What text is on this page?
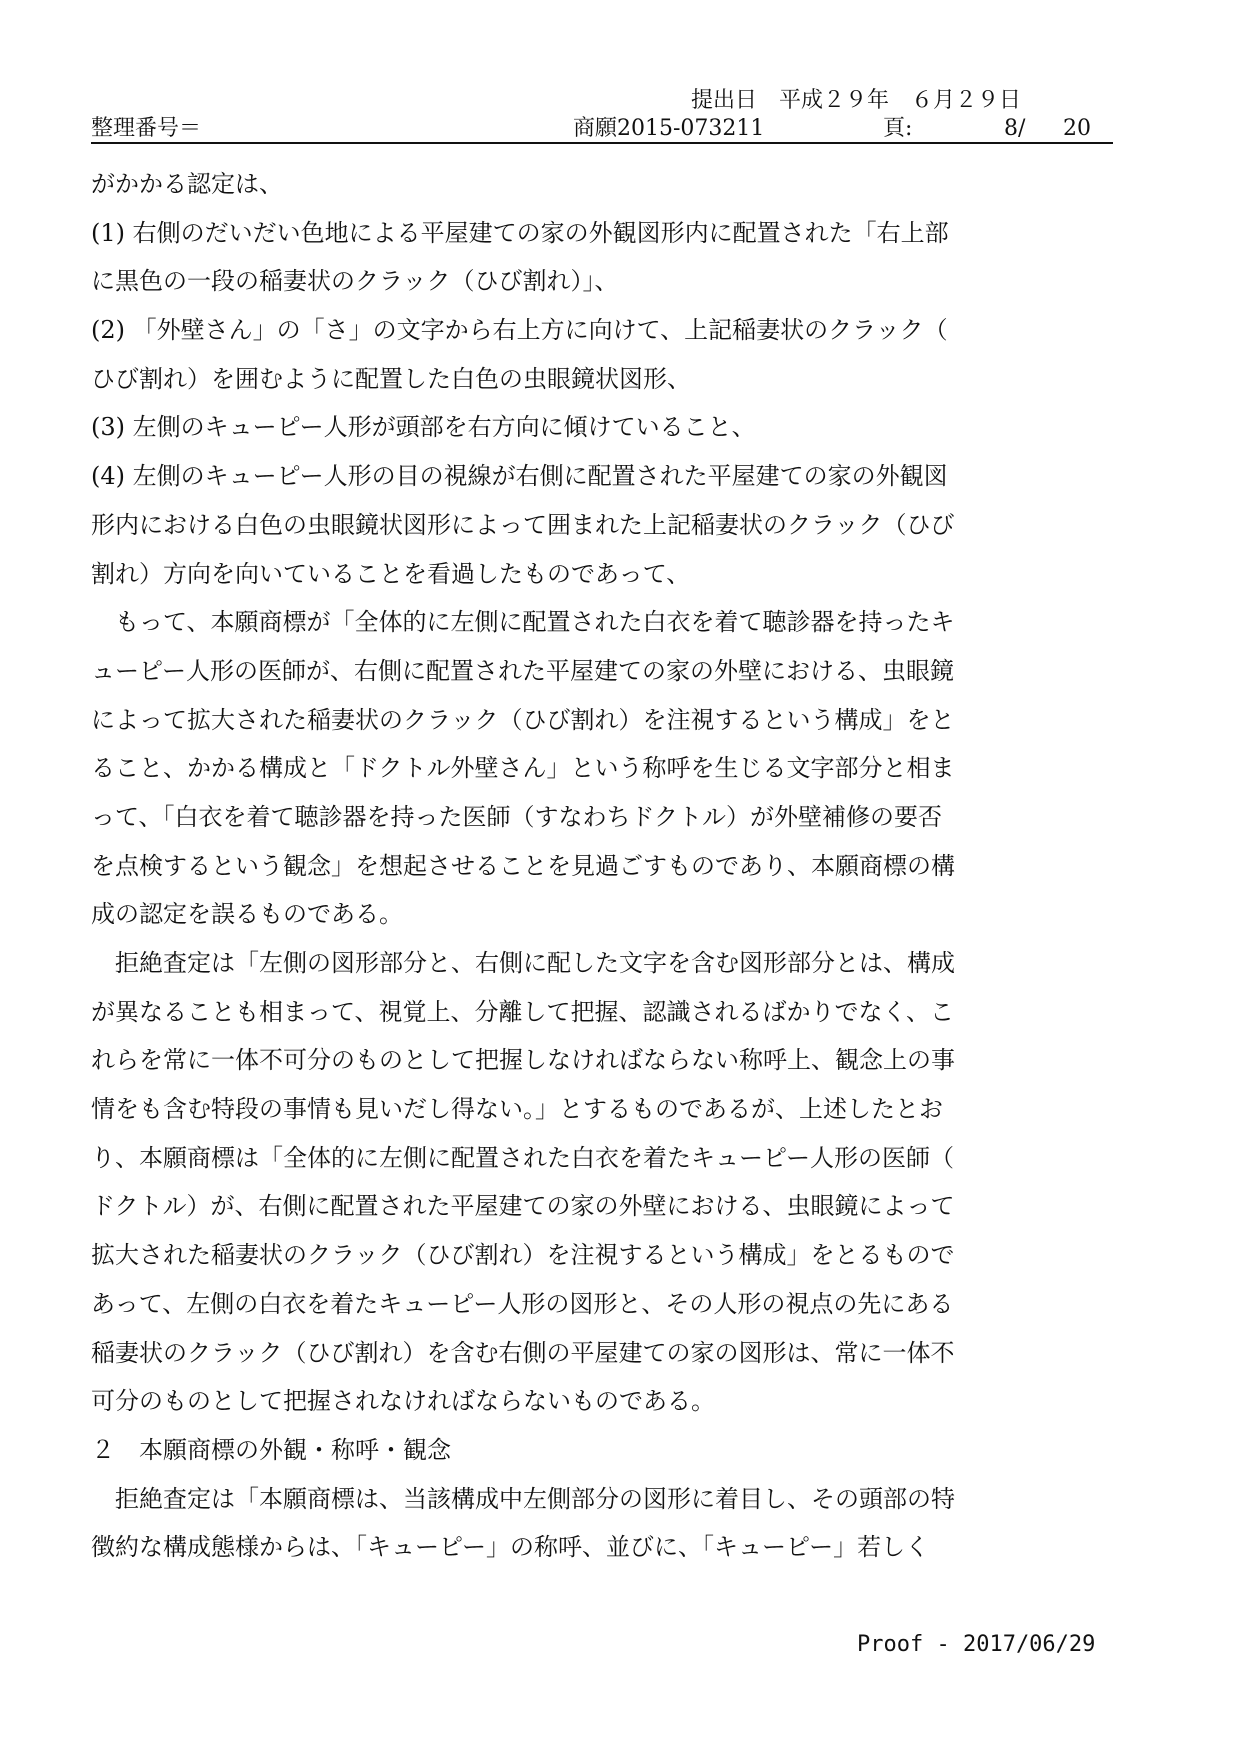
提出日　平成２９年　６月２９日
整理番号＝	商願2015-073211	頁:	8/ 20
がかかる認定は、
(1) 右側のだいだい色地による平屋建ての家の外観図形内に配置された「右上部
に黒色の一段の稲妻状のクラック（ひび割れ）」、
(2) 「外壁さん」の「さ」の文字から右上方に向けて、上記稲妻状のクラック（
ひび割れ）を囲むように配置した白色の虫眼鏡状図形、
(3) 左側のキューピー人形が頭部を右方向に傾けていること、
(4) 左側のキューピー人形の目の視線が右側に配置された平屋建ての家の外観図
形内における白色の虫眼鏡状図形によって囲まれた上記稲妻状のクラック（ひび
割れ）方向を向いていることを看過したものであって、
　もって、本願商標が「全体的に左側に配置された白衣を着て聴診器を持ったキ
ューピー人形の医師が、右側に配置された平屋建ての家の外壁における、虫眼鏡
によって拡大された稲妻状のクラック（ひび割れ）を注視するという構成」をと
ること、かかる構成と「ドクトル外壁さん」という称呼を生じる文字部分と相ま
って、「白衣を着て聴診器を持った医師（すなわちドクトル）が外壁補修の要否
を点検するという観念」を想起させることを見過ごすものであり、本願商標の構
成の認定を誤るものである。
　拒絶査定は「左側の図形部分と、右側に配した文字を含む図形部分とは、構成
が異なることも相まって、視覚上、分離して把握、認識されるばかりでなく、こ
れらを常に一体不可分のものとして把握しなければならない称呼上、観念上の事
情をも含む特段の事情も見いだし得ない。」とするものであるが、上述したとお
り、本願商標は「全体的に左側に配置された白衣を着たキューピー人形の医師（
ドクトル）が、右側に配置された平屋建ての家の外壁における、虫眼鏡によって
拡大された稲妻状のクラック（ひび割れ）を注視するという構成」をとるもので
あって、左側の白衣を着たキューピー人形の図形と、その人形の視点の先にある
稲妻状のクラック（ひび割れ）を含む右側の平屋建ての家の図形は、常に一体不
可分のものとして把握されなければならないものである。
２　本願商標の外観・称呼・観念
　拒絶査定は「本願商標は、当該構成中左側部分の図形に着目し、その頭部の特
徴約な構成態様からは、「キューピー」の称呼、並びに、「キューピー」若しく
Proof - 2017/06/29
